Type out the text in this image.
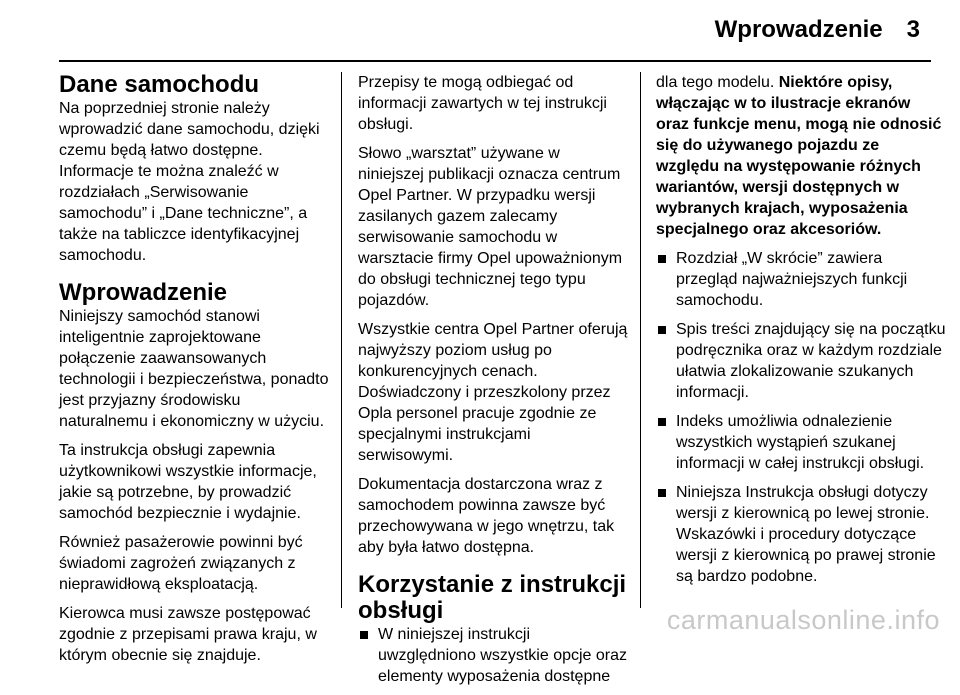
Wprowadzenie 3
Dane samochodu

Na poprzedniej stronie należy wprowadzić dane samochodu, dzięki czemu będą łatwo dostępne. Informacje te można znaleźć w rozdziałach „Serwisowanie samochodu” i „Dane techniczne”, a także na tabliczce identyfikacyjnej samochodu.

Wprowadzenie

Niniejszy samochód stanowi inteligentnie zaprojektowane połączenie zaawansowanych technologii i bezpieczeństwa, ponadto jest przyjazny środowisku naturalnemu i ekonomiczny w użyciu.

Ta instrukcja obsługi zapewnia użytkownikowi wszystkie informacje, jakie są potrzebne, by prowadzić samochód bezpiecznie i wydajnie.

Również pasażerowie powinni być świadomi zagrożeń związanych z nieprawidłową eksploatacją.

Kierowca musi zawsze postępować zgodnie z przepisami prawa kraju, w którym obecnie się znajduje.

Przepisy te mogą odbiegać od informacji zawartych w tej instrukcji obsługi.

Słowo „warsztat” używane w niniejszej publikacji oznacza centrum Opel Partner. W przypadku wersji zasilanych gazem zalecamy serwisowanie samochodu w warsztacie firmy Opel upoważnionym do obsługi technicznej tego typu pojazdów.

Wszystkie centra Opel Partner oferują najwyższy poziom usług po konkurencyjnych cenach. Doświadczony i przeszkolony przez Opla personel pracuje zgodnie ze specjalnymi instrukcjami serwisowymi.

Dokumentacja dostarczona wraz z samochodem powinna zawsze być przechowywana w jego wnętrzu, tak aby była łatwo dostępna.

Korzystanie z instrukcji obsługi
W niniejszej instrukcji uwzględniono wszystkie opcje oraz elementy wyposażenia dostępne

dla tego modelu. Niektóre opisy, włączając w to ilustracje ekranów oraz funkcje menu, mogą nie odnosić się do używanego pojazdu ze względu na występowanie różnych wariantów, wersji dostępnych w wybranych krajach, wyposażenia specjalnego oraz akcesoriów.

Rozdział „W skrócie” zawiera przegląd najważniejszych funkcji samochodu.
Spis treści znajdujący się na początku podręcznika oraz w każdym rozdziale ułatwia zlokalizowanie szukanych informacji.
Indeks umożliwia odnalezienie wszystkich wystąpień szukanej informacji w całej instrukcji obsługi.
Niniejsza Instrukcja obsługi dotyczy wersji z kierownicą po lewej stronie. Wskazówki i procedury dotyczące wersji z kierownicą po prawej stronie są bardzo podobne.
carmanualsonline.info
